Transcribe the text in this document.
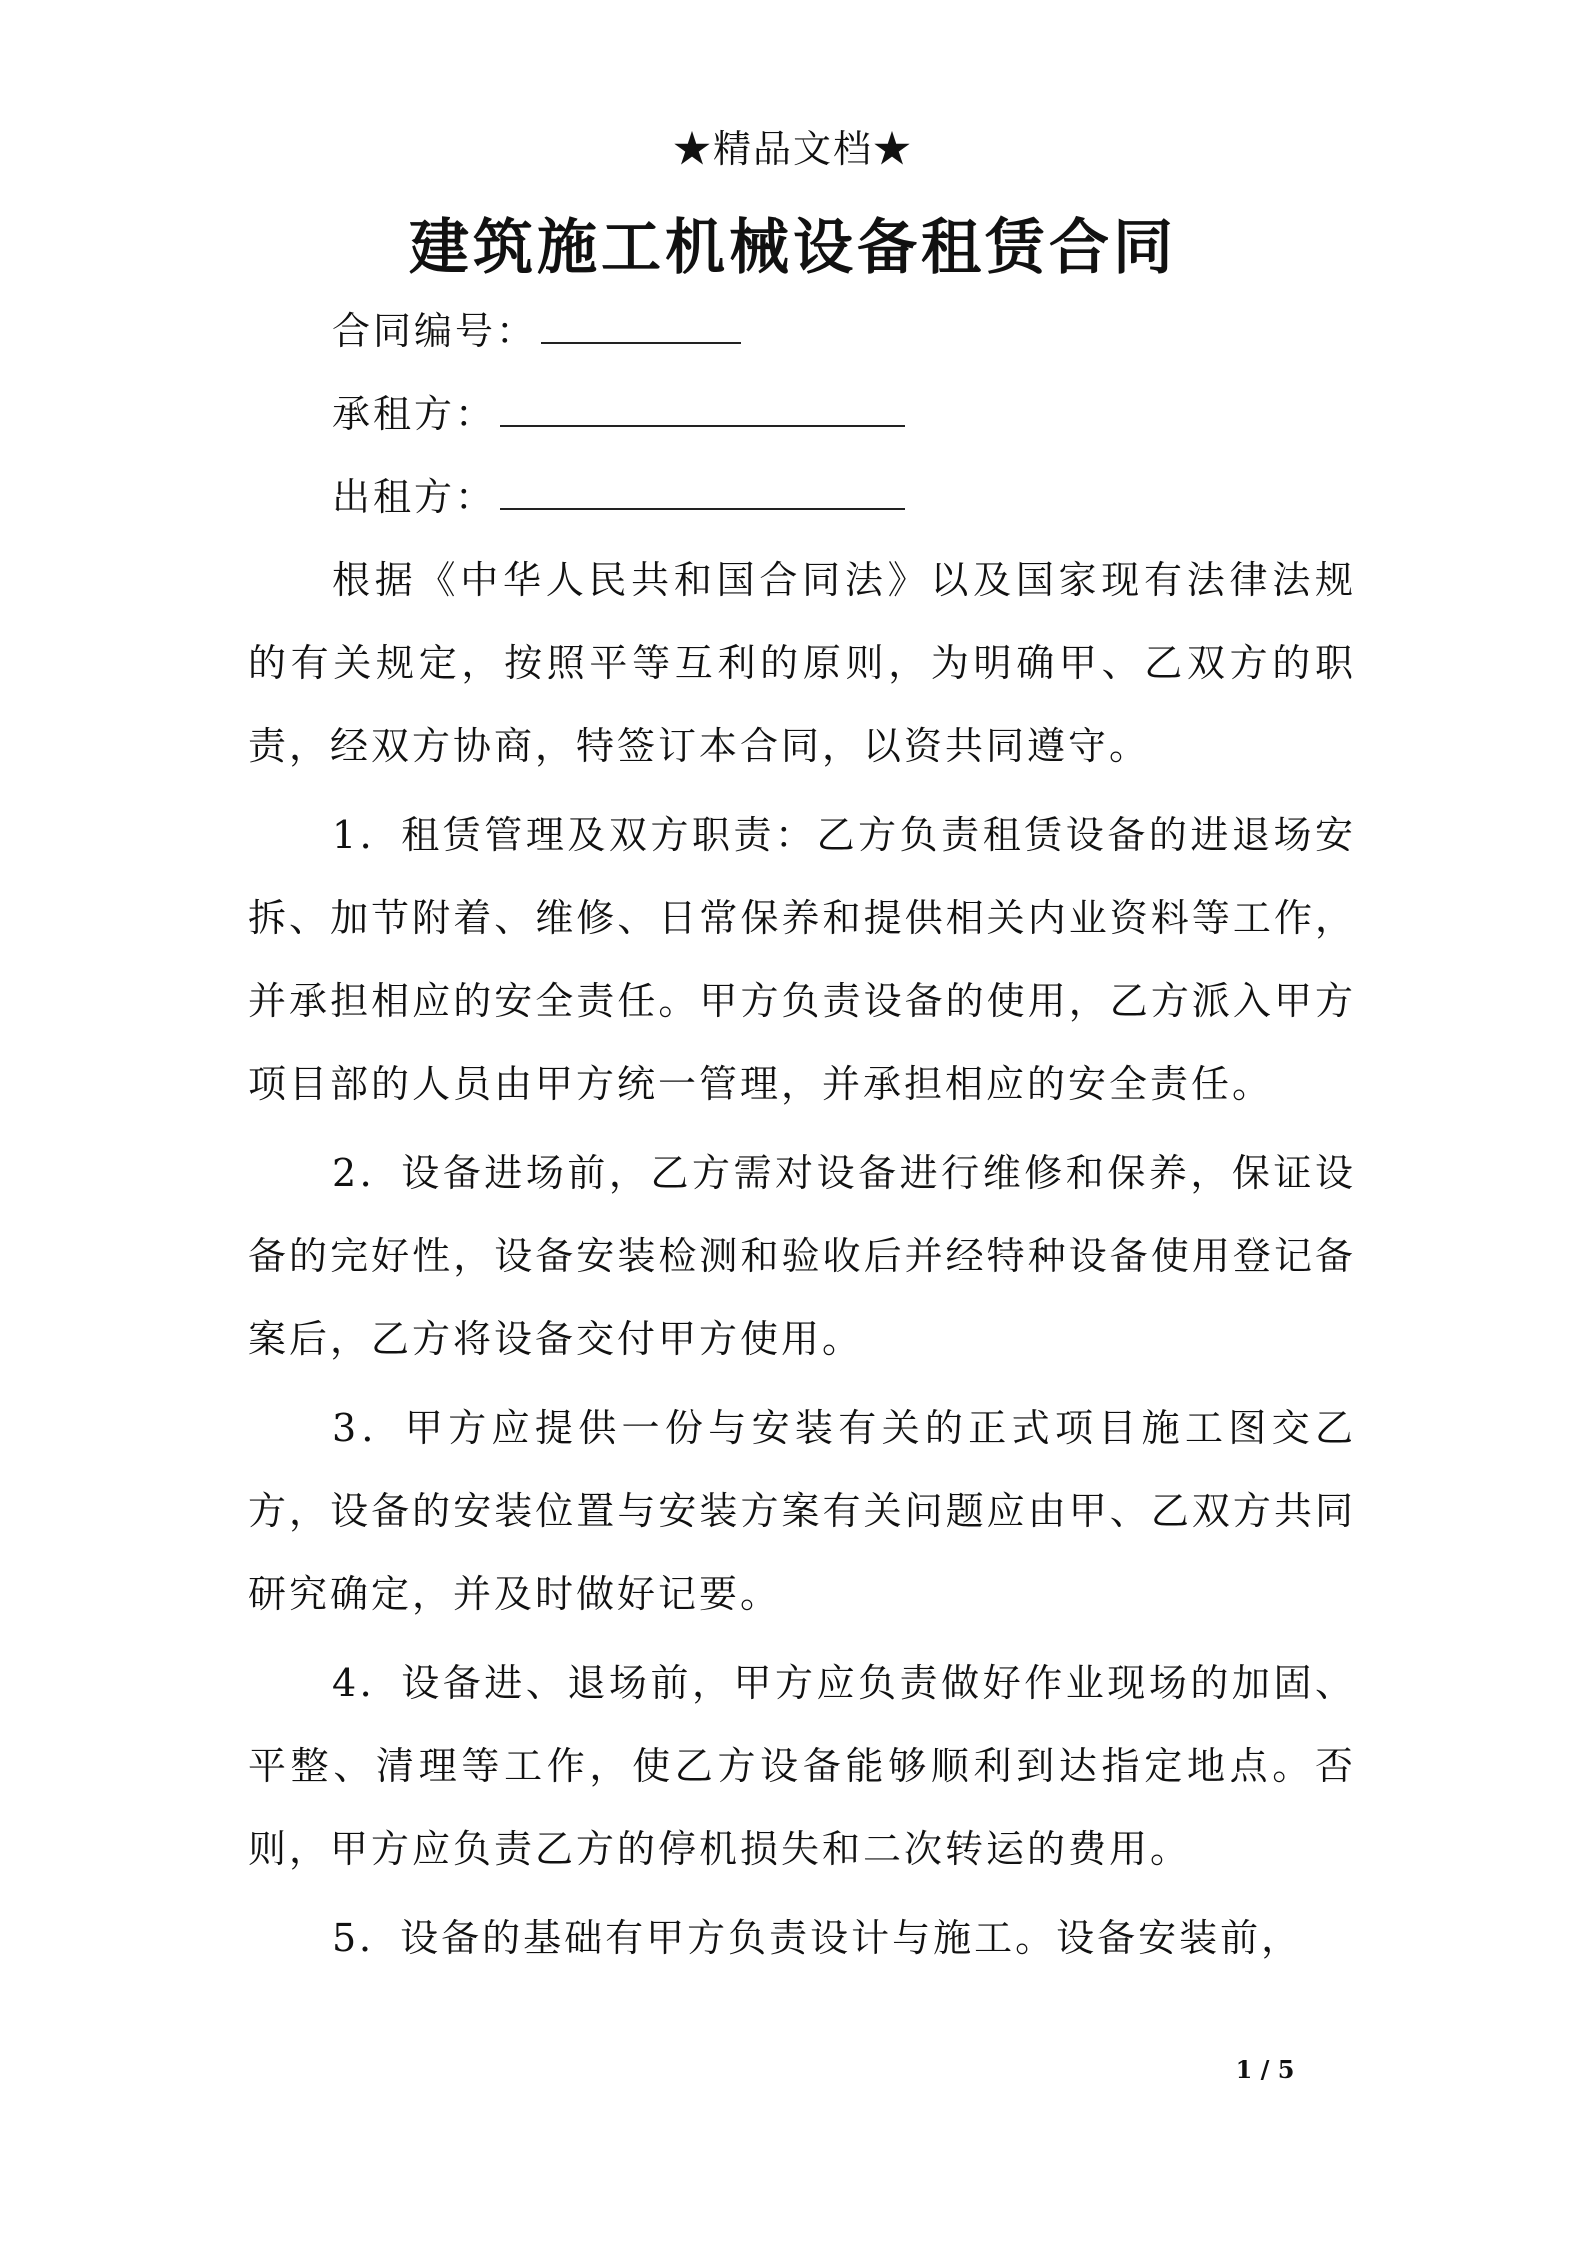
★精品文档★
建筑施工机械设备租赁合同
合同编号：
承租方：
出租方：

根据《中华人民共和国合同法》以及国家现有法律法规的有关规定，按照平等互利的原则，为明确甲、乙双方的职责，经双方协商，特签订本合同，以资共同遵守。

1．租赁管理及双方职责：乙方负责租赁设备的进退场安拆、加节附着、维修、日常保养和提供相关内业资料等工作，并承担相应的安全责任。甲方负责设备的使用，乙方派入甲方项目部的人员由甲方统一管理，并承担相应的安全责任。

2．设备进场前，乙方需对设备进行维修和保养，保证设备的完好性，设备安装检测和验收后并经特种设备使用登记备案后，乙方将设备交付甲方使用。

3．甲方应提供一份与安装有关的正式项目施工图交乙方，设备的安装位置与安装方案有关问题应由甲、乙双方共同研究确定，并及时做好记要。

4．设备进、退场前，甲方应负责做好作业现场的加固、平整、清理等工作，使乙方设备能够顺利到达指定地点。否则，甲方应负责乙方的停机损失和二次转运的费用。

5．设备的基础有甲方负责设计与施工。设备安装前，

1 / 5
